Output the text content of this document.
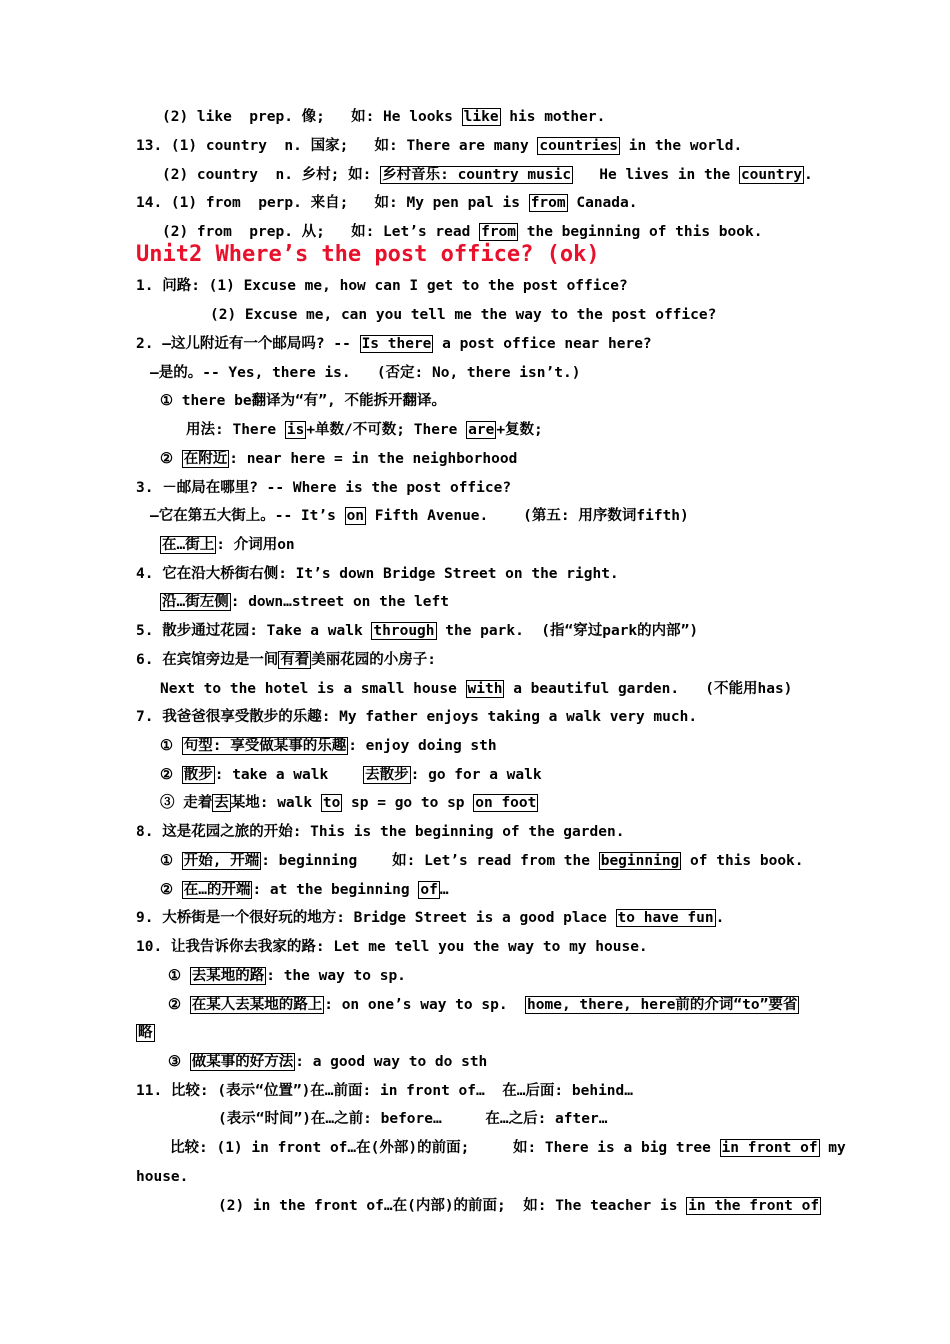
Unit2 Where’s the post office? (ok)
(2) like  prep. 像;   如: He looks like his mother.
13. (1) country  n. 国家;   如: There are many countries in the world.
(2) country  n. 乡村; 如: 乡村音乐: country music   He lives in the country .
14. (1) from  perp. 来自;   如: My pen pal is from Canada.
(2) from  prep. 从;   如: Let’s read from the beginning of this book.
1. 问路: (1) Excuse me, how can I get to the post office?
(2) Excuse me, can you tell me the way to the post office?
2. —这儿附近有一个邮局吗? -- Is there a post office near here?
—是的。-- Yes, there is.   (否定: No, there isn’t.)
① there be翻译为“有”, 不能拆开翻译。
用法: There is +单数/不可数; There are +复数;
② 在附近 : near here = in the neighborhood
3. －邮局在哪里? -- Where is the post office?
—它在第五大街上。-- It’s on Fifth Avenue.    (第五: 用序数词fifth)
在…街上 : 介词用on
4. 它在沿大桥街右侧: It’s down Bridge Street on the right.
沿…街左侧 : down…street on the left
5. 散步通过花园: Take a walk through the park.  (指“穿过park的内部”)
6. 在宾馆旁边是一间 有着 美丽花园的小房子:
Next to the hotel is a small house with a beautiful garden.   (不能用has)
7. 我爸爸很享受散步的乐趣: My father enjoys taking a walk very much.
① 句型: 享受做某事的乐趣 : enjoy doing sth
② 散步 : take a walk    去散步 : go for a walk
③ 走着 去 某地: walk to sp = go to sp on foot
8. 这是花园之旅的开始: This is the beginning of the garden.
① 开始, 开端 : beginning    如: Let’s read from the beginning of this book.
② 在…的开端 : at the beginning of …
9. 大桥街是一个很好玩的地方: Bridge Street is a good place to have fun .
10. 让我告诉你去我家的路: Let me tell you the way to my house.
① 去某地的路 : the way to sp.
② 在某人去某地的路上 : on one’s way to sp.  home, there, here前的介词“to”要省
略
③ 做某事的好方法 : a good way to do sth
11. 比较: (表示“位置”)在…前面: in front of…  在…后面: behind…
(表示“时间”)在…之前: before…     在…之后: after…
比较: (1) in front of…在(外部)的前面;     如: There is a big tree in front of my
house.
(2) in the front of…在(内部)的前面;  如: The teacher is in the front of
